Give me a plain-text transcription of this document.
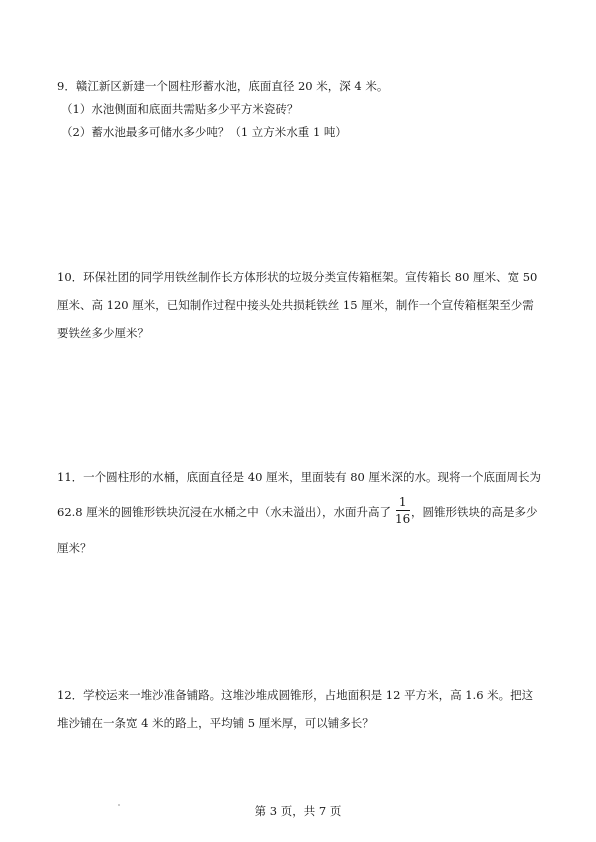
9．赣江新区新建一个圆柱形蓄水池，底面直径 20 米，深 4 米。
（1）水池侧面和底面共需贴多少平方米瓷砖？
（2）蓄水池最多可储水多少吨？（1 立方米水重 1 吨）
10．环保社团的同学用铁丝制作长方体形状的垃圾分类宣传箱框架。宣传箱长 80 厘米、宽 50
厘米、高 120 厘米，已知制作过程中接头处共损耗铁丝 15 厘米，制作一个宣传箱框架至少需
要铁丝多少厘米？
11．一个圆柱形的水桶，底面直径是 40 厘米，里面装有 80 厘米深的水。现将一个底面周长为
62.8 厘米的圆锥形铁块沉浸在水桶之中（水未溢出），水面升高了
1
16 ，圆锥形铁块的高是多少
厘米？
12．学校运来一堆沙准备铺路。这堆沙堆成圆锥形，占地面积是 12 平方米，高 1.6 米。把这
堆沙铺在一条宽 4 米的路上，平均铺 5 厘米厚，可以铺多长？
第 3 页，共 7 页
